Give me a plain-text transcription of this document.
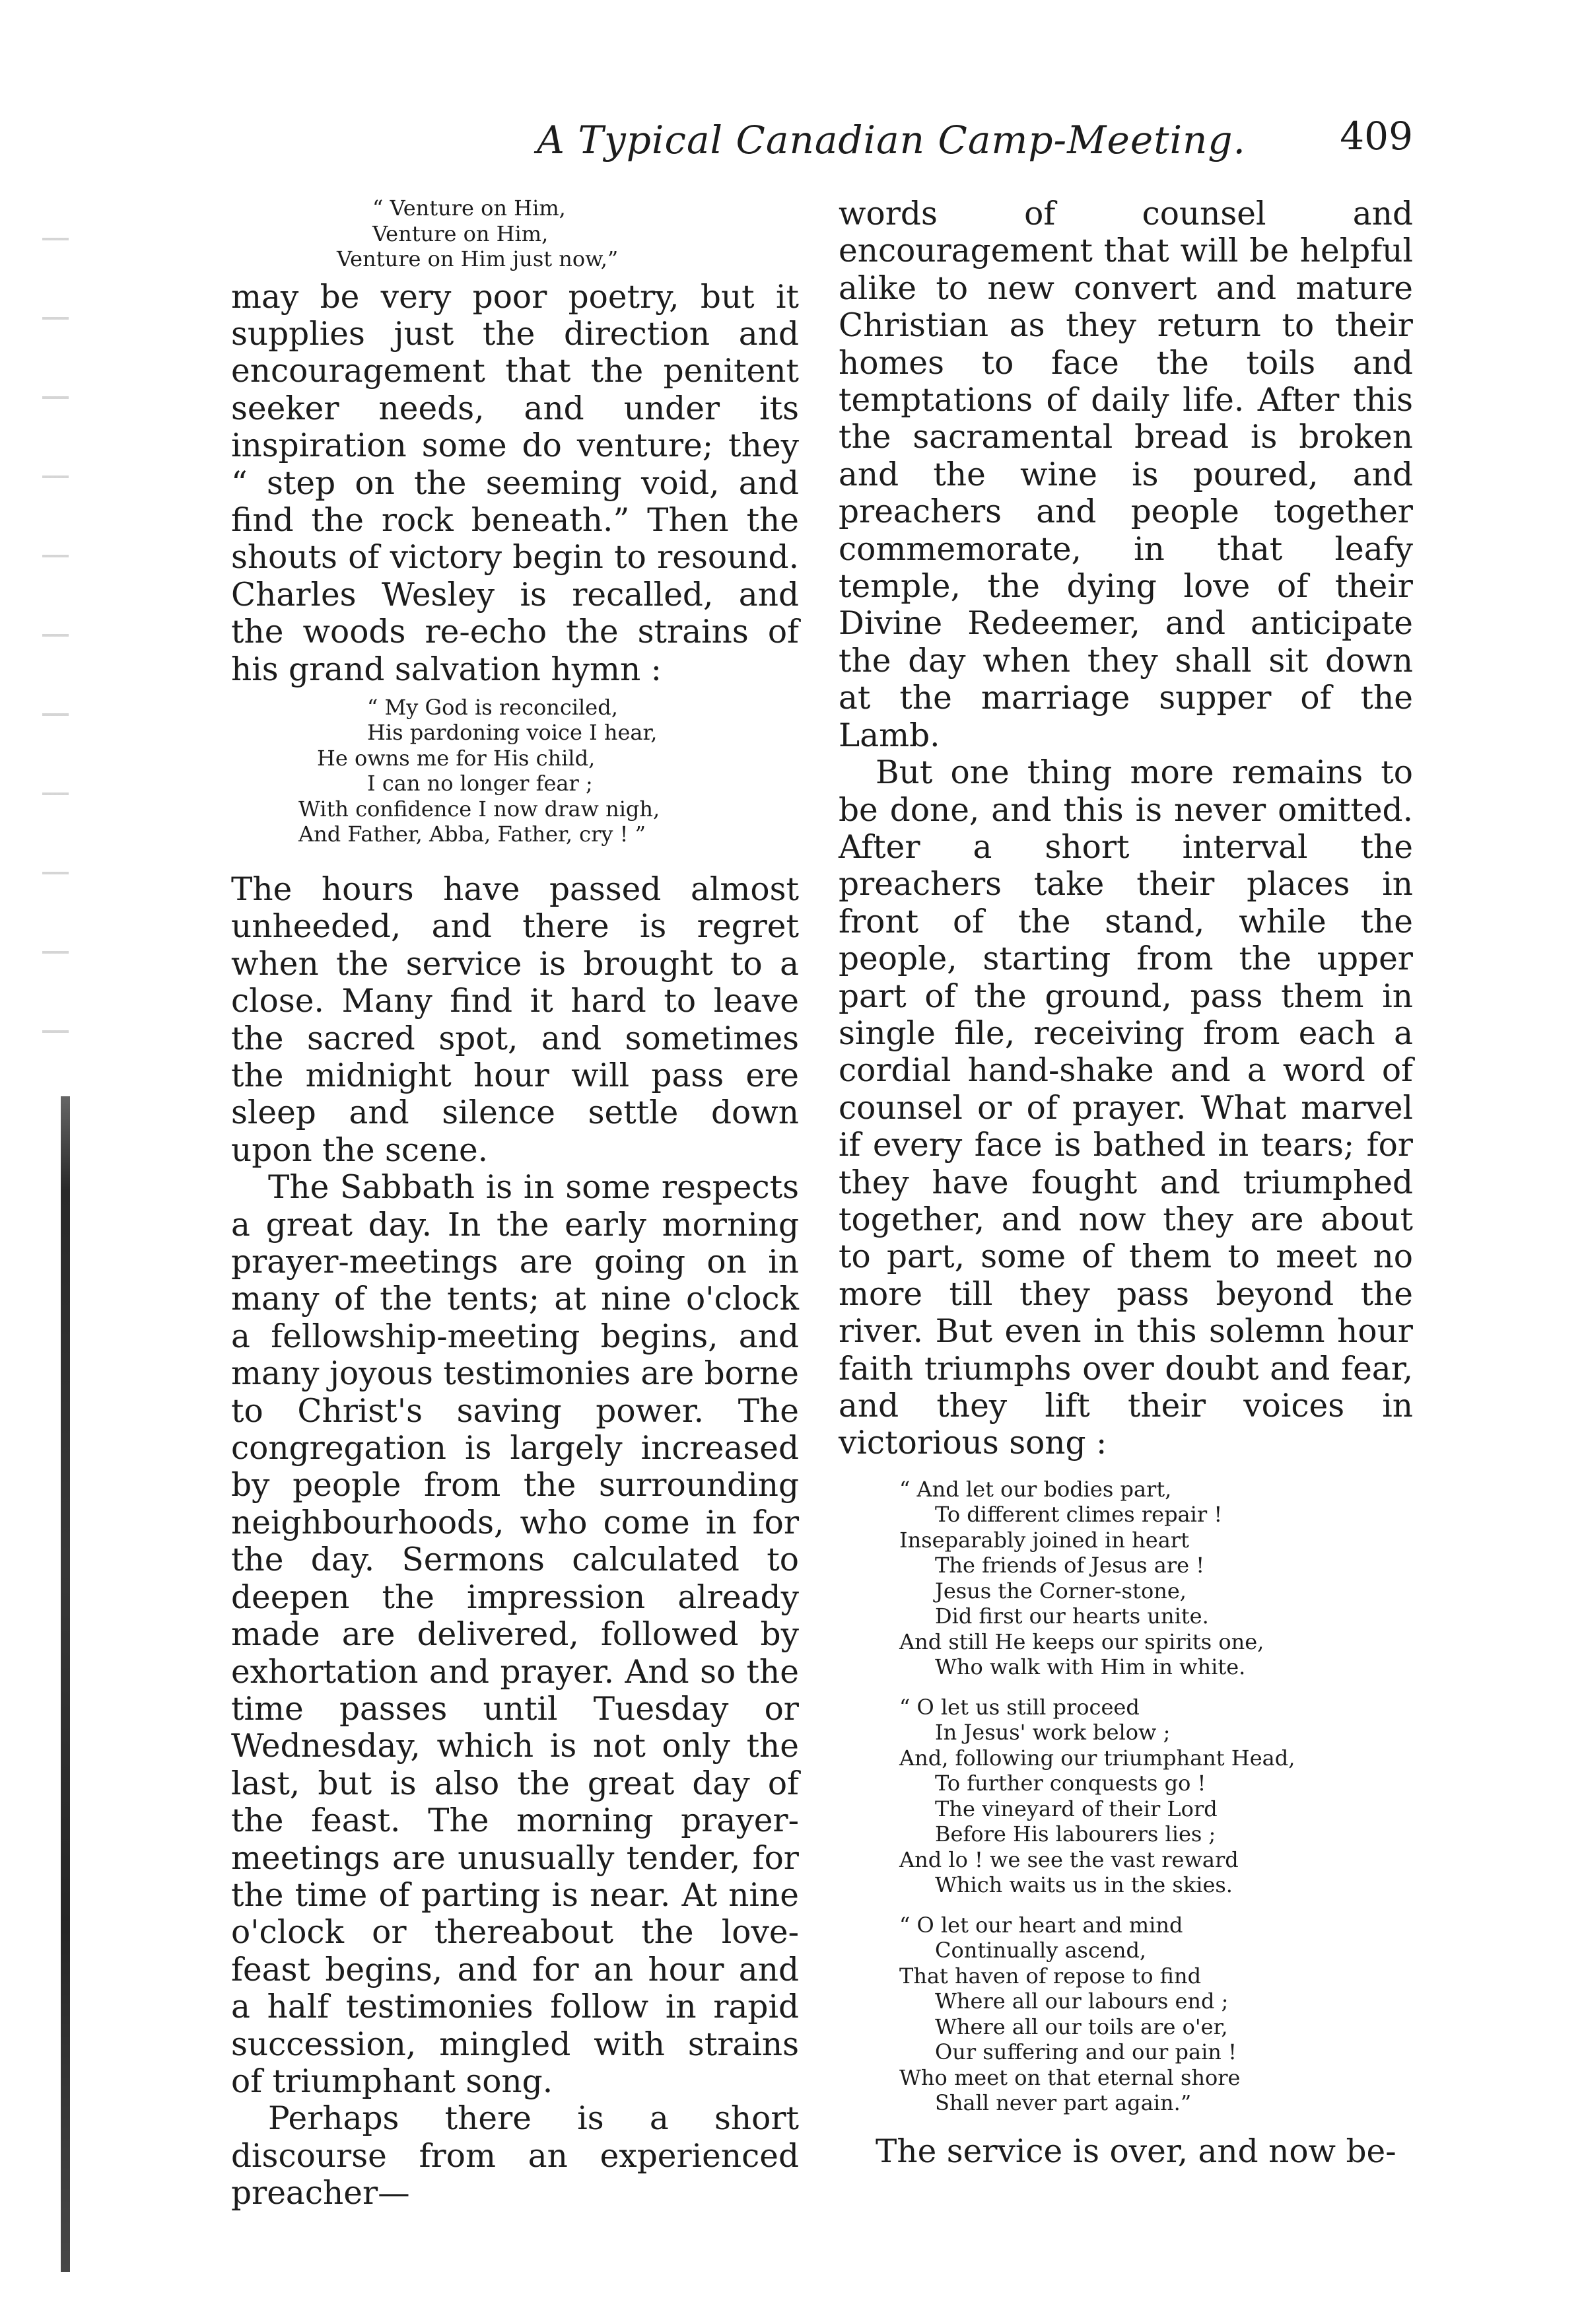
A Typical Canadian Camp-Meeting.	409
“ Venture on Him,
Venture on Him,
Venture on Him just now,”

may be very poor poetry, but it supplies just the direction and encouragement that the penitent seeker needs, and under its inspiration some do venture; they “ step on the seeming void, and find the rock beneath.” Then the shouts of victory begin to resound. Charles Wesley is recalled, and the woods re-echo the strains of his grand salvation hymn :

“ My God is reconciled,
His pardoning voice I hear,
He owns me for His child,
I can no longer fear ;
With confidence I now draw nigh,
And Father, Abba, Father, cry ! ”

The hours have passed almost unheeded, and there is regret when the service is brought to a close. Many find it hard to leave the sacred spot, and sometimes the midnight hour will pass ere sleep and silence settle down upon the scene.

The Sabbath is in some respects a great day. In the early morning prayer-meetings are going on in many of the tents; at nine o'clock a fellowship-meeting begins, and many joyous testimonies are borne to Christ's saving power. The congregation is largely increased by people from the surrounding neighbourhoods, who come in for the day. Sermons calculated to deepen the impression already made are delivered, followed by exhortation and prayer. And so the time passes until Tuesday or Wednesday, which is not only the last, but is also the great day of the feast. The morning prayer-meetings are unusually tender, for the time of parting is near. At nine o'clock or thereabout the love-feast begins, and for an hour and a half testimonies follow in rapid succession, mingled with strains of triumphant song.

Perhaps there is a short discourse from an experienced preacher—

words of counsel and encouragement that will be helpful alike to new convert and mature Christian as they return to their homes to face the toils and temptations of daily life. After this the sacramental bread is broken and the wine is poured, and preachers and people together commemorate, in that leafy temple, the dying love of their Divine Redeemer, and anticipate the day when they shall sit down at the marriage supper of the Lamb.

But one thing more remains to be done, and this is never omitted. After a short interval the preachers take their places in front of the stand, while the people, starting from the upper part of the ground, pass them in single file, receiving from each a cordial hand-shake and a word of counsel or of prayer. What marvel if every face is bathed in tears; for they have fought and triumphed together, and now they are about to part, some of them to meet no more till they pass beyond the river. But even in this solemn hour faith triumphs over doubt and fear, and they lift their voices in victorious song :

“ And let our bodies part,
To different climes repair !
Inseparably joined in heart
The friends of Jesus are !
Jesus the Corner-stone,
Did first our hearts unite.
And still He keeps our spirits one,
Who walk with Him in white.
“ O let us still proceed
In Jesus' work below ;
And, following our triumphant Head,
To further conquests go !
The vineyard of their Lord
Before His labourers lies ;
And lo ! we see the vast reward
Which waits us in the skies.
“ O let our heart and mind
Continually ascend,
That haven of repose to find
Where all our labours end ;
Where all our toils are o'er,
Our suffering and our pain !
Who meet on that eternal shore
Shall never part again.”

The service is over, and now be-
